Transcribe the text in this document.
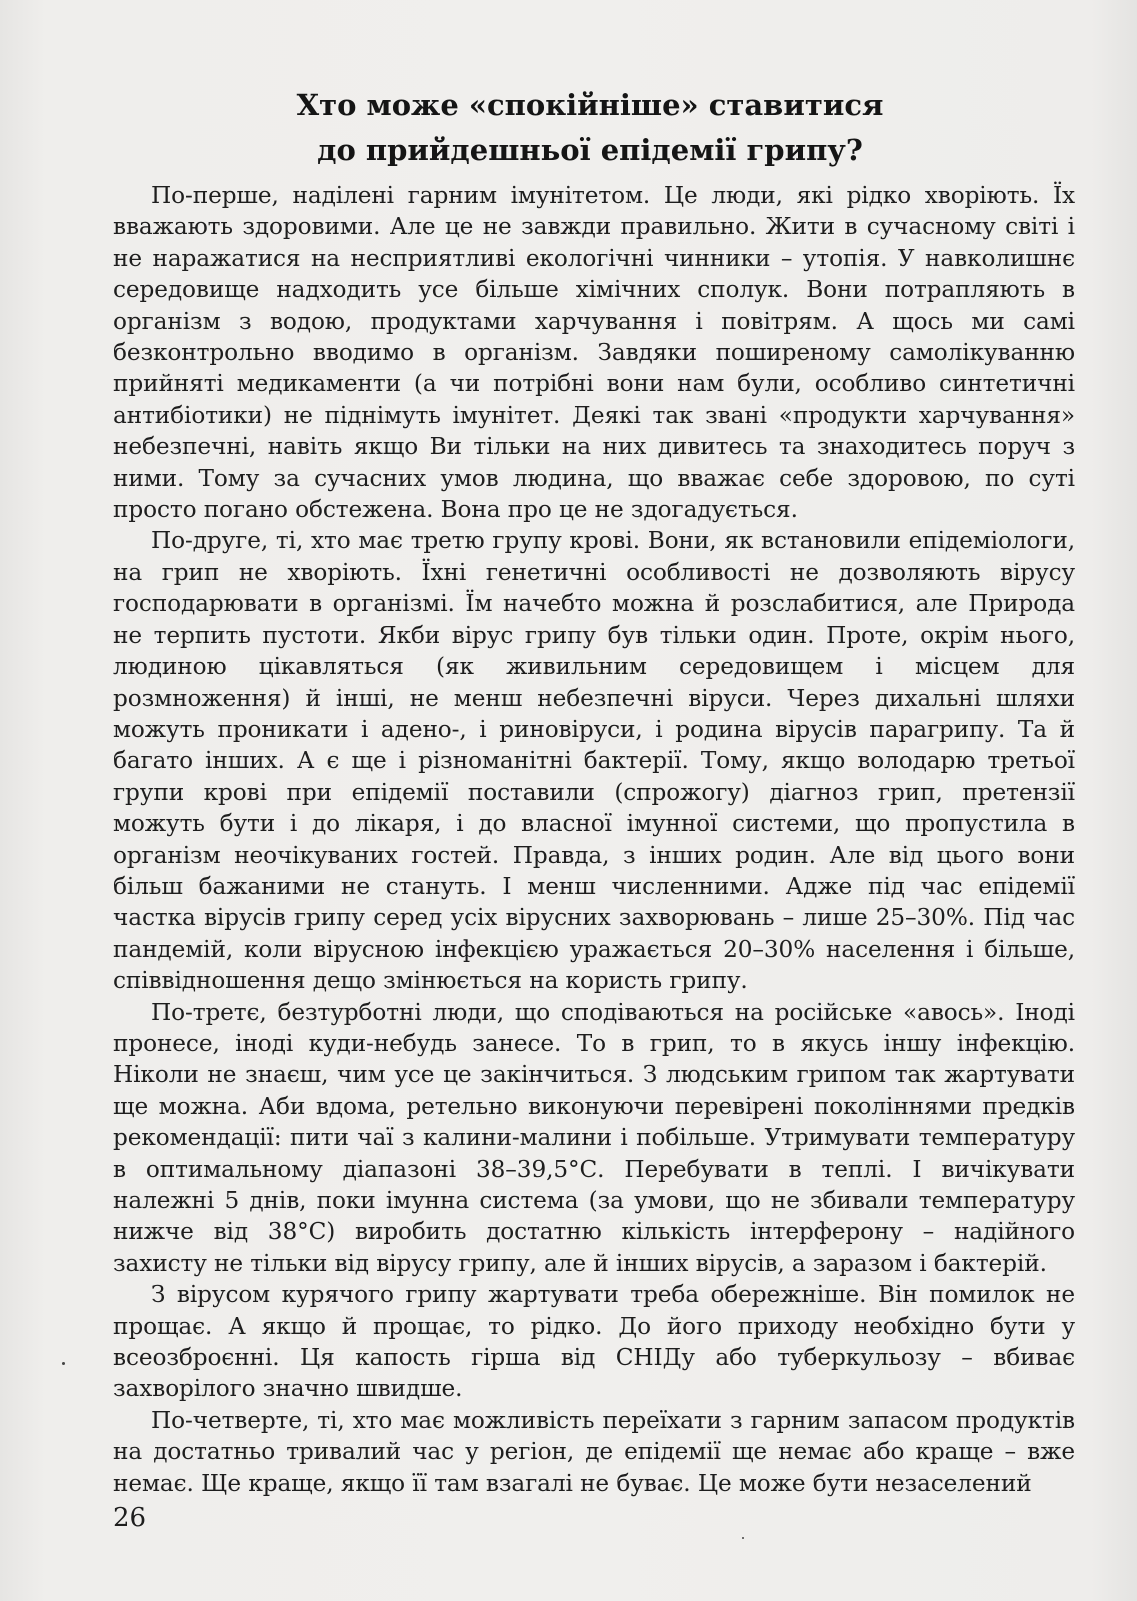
Хто може «спокійніше» ставитися
до прийдешньої епідемії грипу?

По-перше, наділені гарним імунітетом. Це люди, які рідко хворіють. Їх вважають здоровими. Але це не завжди правильно. Жити в сучасному світі і не наражатися на несприятливі екологічні чинники – утопія. У навколишнє середовище надходить усе більше хімічних сполук. Вони потрапляють в організм з водою, продуктами харчування і повітрям. А щось ми самі безконтрольно вводимо в організм. Завдяки поширеному самолікуванню прийняті медикаменти (а чи потрібні вони нам були, особливо синтетичні антибіотики) не піднімуть імунітет. Деякі так звані «продукти харчування» небезпечні, навіть якщо Ви тільки на них дивитесь та знаходитесь поруч з ними. Тому за сучасних умов людина, що вважає себе здоровою, по суті просто погано обстежена. Вона про це не здогадується.

По-друге, ті, хто має третю групу крові. Вони, як встановили епідеміологи, на грип не хворіють. Їхні генетичні особливості не дозволяють вірусу господарювати в організмі. Їм начебто можна й розслабитися, але Природа не терпить пустоти. Якби вірус грипу був тільки один. Проте, окрім нього, людиною цікавляться (як живильним середовищем і місцем для розмноження) й інші, не менш небезпечні віруси. Через дихальні шляхи можуть проникати і адено-, і риновіруси, і родина вірусів парагрипу. Та й багато інших. А є ще і різноманітні бактерії. Тому, якщо володарю третьої групи крові при епідемії поставили (спрожогу) діагноз грип, претензії можуть бути і до лікаря, і до власної імунної системи, що пропустила в організм неочікуваних гостей. Правда, з інших родин. Але від цього вони більш бажаними не стануть. І менш численними. Адже під час епідемії частка вірусів грипу серед усіх вірусних захворювань – лише 25–30%. Під час пандемій, коли вірусною інфекцією уражається 20–30% населення і більше, співвідношення дещо змінюється на користь грипу.

По-третє, безтурботні люди, що сподіваються на російське «авось». Іноді пронесе, іноді куди-небудь занесе. То в грип, то в якусь іншу інфекцію. Ніколи не знаєш, чим усе це закінчиться. З людським грипом так жартувати ще можна. Аби вдома, ретельно виконуючи перевірені поколіннями предків рекомендації: пити чаї з калини-малини і побільше. Утримувати температуру в оптимальному діапазоні 38–39,5°С. Перебувати в теплі. І вичікувати належні 5 днів, поки імунна система (за умови, що не збивали температуру нижче від 38°С) виробить достатню кількість інтерферону – надійного захисту не тільки від вірусу грипу, але й інших вірусів, а заразом і бактерій.

З вірусом курячого грипу жартувати треба обережніше. Він помилок не прощає. А якщо й прощає, то рідко. До його приходу необхідно бути у всеозброєнні. Ця капость гірша від СНІДу або туберкульозу – вбиває захворілого значно швидше.

По-четверте, ті, хто має можливість переїхати з гарним запасом продуктів на достатньо тривалий час у регіон, де епідемії ще немає або краще – вже немає. Ще краще, якщо її там взагалі не буває. Це може бути незаселений

26
